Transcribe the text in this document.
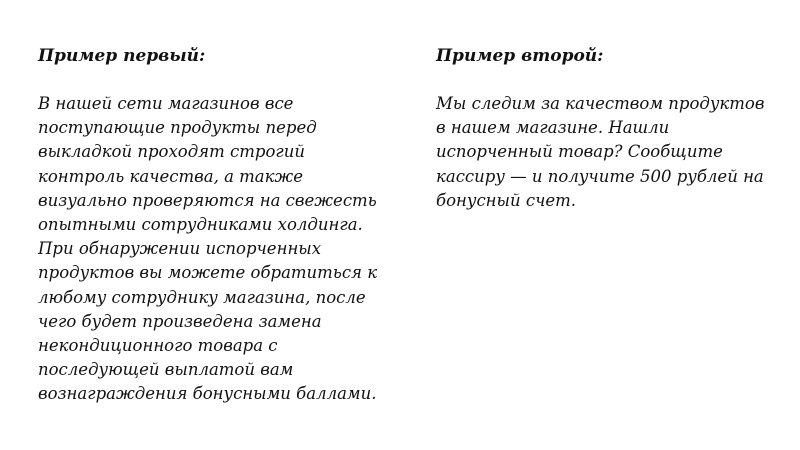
Пример первый:
В нашей сети магазинов все
поступающие продукты перед
выкладкой проходят строгий
контроль качества, а также
визуально проверяются на свежесть
опытными сотрудниками холдинга.
При обнаружении испорченных
продуктов вы можете обратиться к
любому сотруднику магазина, после
чего будет произведена замена
некондиционного товара с
последующей выплатой вам
вознаграждения бонусными баллами.
Пример второй:
Мы следим за качеством продуктов
в нашем магазине. Нашли
испорченный товар? Сообщите
кассиру — и получите 500 рублей на
бонусный счет.
